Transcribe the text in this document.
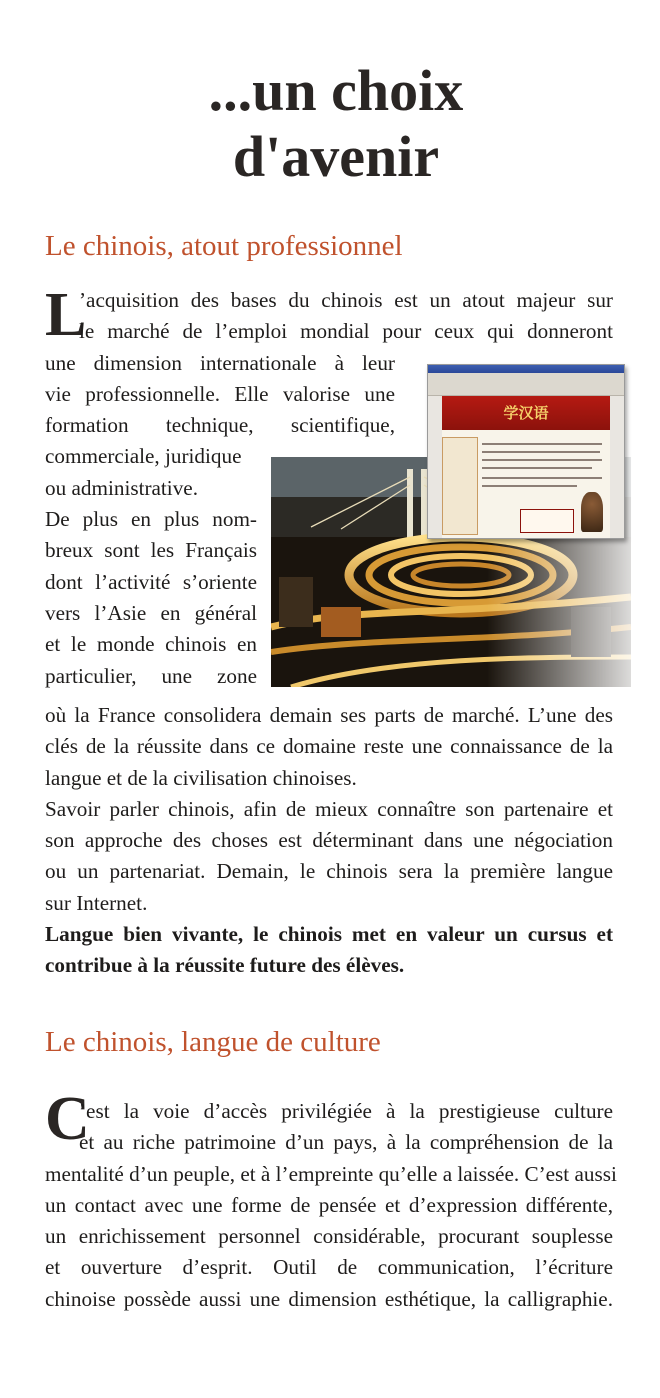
...un choix
d'avenir
Le chinois, atout professionnel
L
’acquisition des bases du chinois est un atout majeur sur
le marché de l’emploi mondial pour ceux qui donneront
une dimension internationale à leur
vie professionnelle. Elle valorise une
formation technique, scientifique,
commerciale, juridique
ou administrative.
De plus en plus nom-
breux sont les Français
dont l’activité s’oriente
vers l’Asie en général
et le monde chinois en
particulier, une zone
où la France consolidera demain ses parts de marché. L’une des
clés de la réussite dans ce domaine reste une connaissance de la
langue et de la civilisation chinoises.
Savoir parler chinois, afin de mieux connaître son partenaire et
son approche des choses est déterminant dans une négociation
ou un partenariat. Demain, le chinois sera la première langue
sur Internet.
Langue bien vivante, le chinois met en valeur un cursus et
contribue à la réussite future des élèves.
学汉语
Le chinois, langue de culture
C
’est la voie d’accès privilégiée à la prestigieuse culture
et au riche patrimoine d’un pays, à la compréhension de la
mentalité d’un peuple, et à l’empreinte qu’elle a laissée. C’est aussi
un contact avec une forme de pensée et d’expression différente,
un enrichissement personnel considérable, procurant souplesse
et ouverture d’esprit. Outil de communication, l’écriture
chinoise possède aussi une dimension esthétique, la calligraphie.
